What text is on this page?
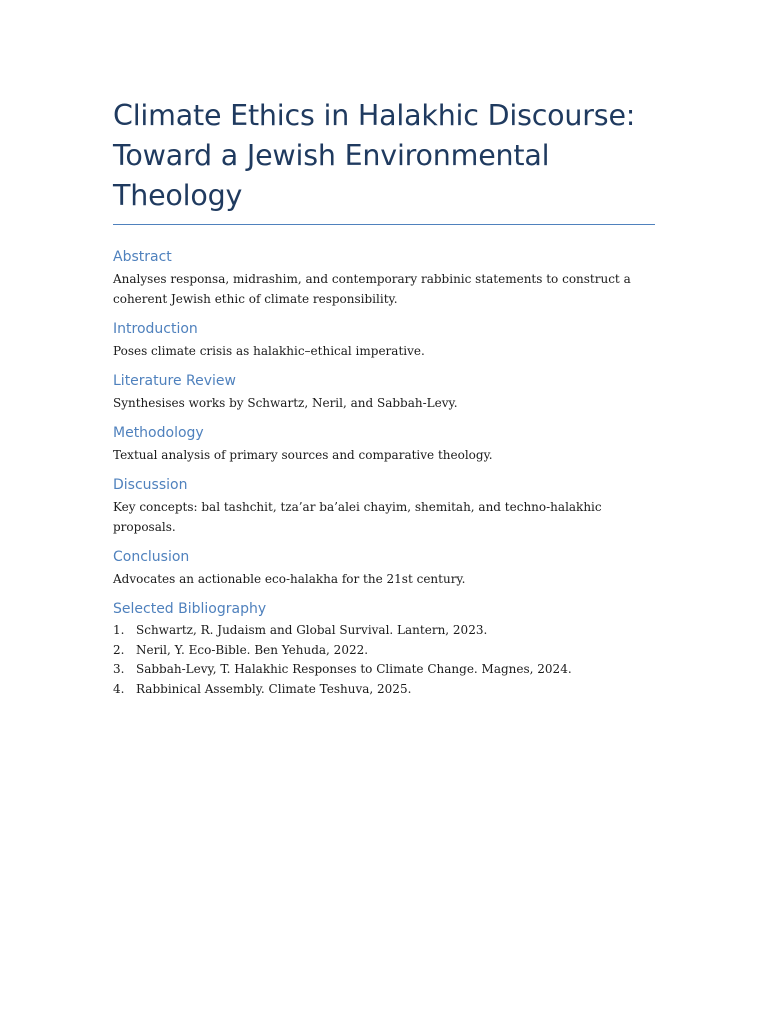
Climate Ethics in Halakhic Discourse: Toward a Jewish Environmental Theology
Abstract

Analyses responsa, midrashim, and contemporary rabbinic statements to construct a coherent Jewish ethic of climate responsibility.

Introduction

Poses climate crisis as halakhic–ethical imperative.

Literature Review

Synthesises works by Schwartz, Neril, and Sabbah-Levy.

Methodology

Textual analysis of primary sources and comparative theology.

Discussion

Key concepts: bal tashchit, tza’ar ba’alei chayim, shemitah, and techno-halakhic proposals.

Conclusion

Advocates an actionable eco-halakha for the 21st century.

Selected Bibliography
1. Schwartz, R. Judaism and Global Survival. Lantern, 2023.
2. Neril, Y. Eco-Bible. Ben Yehuda, 2022.
3. Sabbah-Levy, T. Halakhic Responses to Climate Change. Magnes, 2024.
4. Rabbinical Assembly. Climate Teshuva, 2025.
